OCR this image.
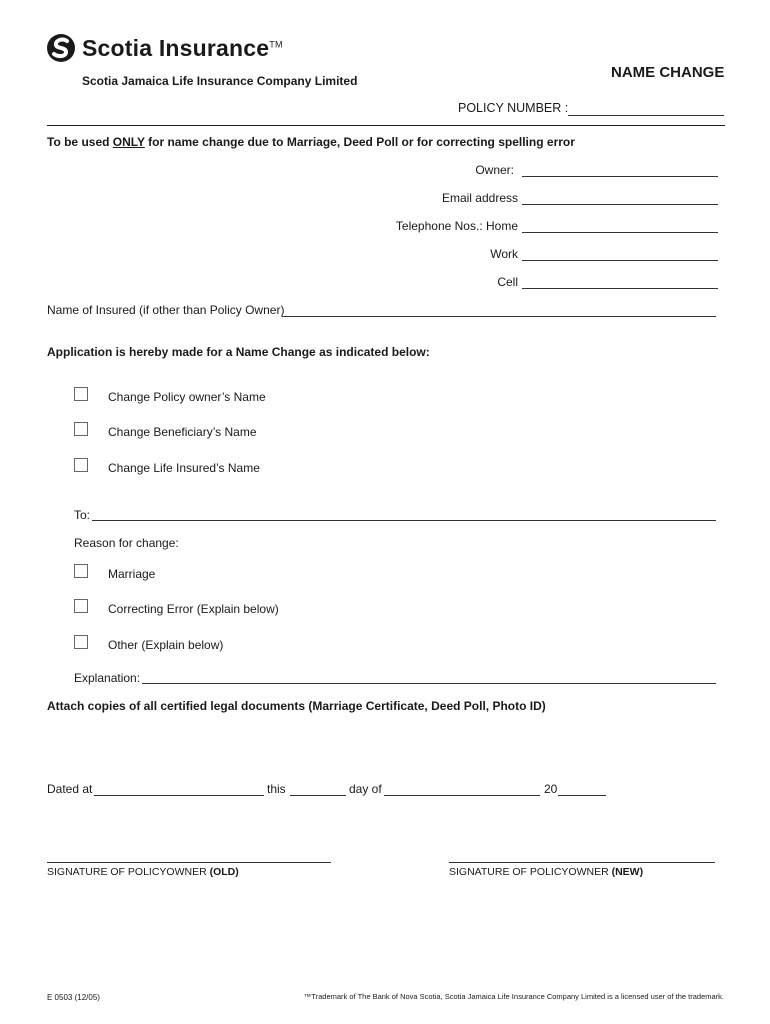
Scotia Insurance™
Scotia Jamaica Life Insurance Company Limited	NAME CHANGE
POLICY NUMBER :
To be used ONLY for name change due to Marriage, Deed Poll or for correcting spelling error
Owner:
Email address
Telephone Nos.: Home
Work
Cell
Name of Insured (if other than Policy Owner)
Application is hereby made for a Name Change as indicated below:
Change Policy owner’s Name
Change Beneficiary’s Name
Change Life Insured’s Name
To:
Reason for change:
Marriage
Correcting Error (Explain below)
Other (Explain below)
Explanation:
Attach copies of all certified legal documents (Marriage Certificate, Deed Poll, Photo ID)
Dated at	this	day of	20
SIGNATURE OF POLICYOWNER (OLD)	SIGNATURE OF POLICYOWNER (NEW)
E 0503 (12/05)	™Trademark of The Bank of Nova Scotia, Scotia Jamaica Life Insurance Company Limited is a licensed user of the trademark.
